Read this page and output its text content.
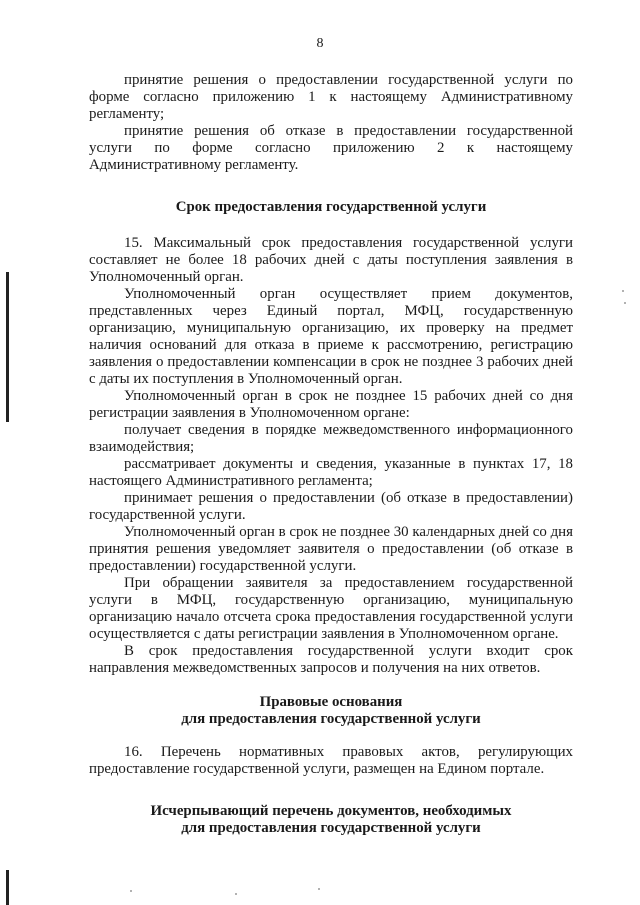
8

принятие решения о предоставлении государственной услуги по форме согласно приложению 1 к настоящему Административному регламенту;

принятие решения об отказе в предоставлении государственной услуги по форме согласно приложению 2 к настоящему Административному регламенту.

Срок предоставления государственной услуги

15. Максимальный срок предоставления государственной услуги составляет не более 18 рабочих дней с даты поступления заявления в Уполномоченный орган.

Уполномоченный орган осуществляет прием документов, представленных через Единый портал, МФЦ, государственную организацию, муниципальную организацию, их проверку на предмет наличия оснований для отказа в приеме к рассмотрению, регистрацию заявления о предоставлении компенсации в срок не позднее 3 рабочих дней с даты их поступления в Уполномоченный орган.

Уполномоченный орган в срок не позднее 15 рабочих дней со дня регистрации заявления в Уполномоченном органе:

получает сведения в порядке межведомственного информационного взаимодействия;

рассматривает документы и сведения, указанные в пунктах 17, 18 настоящего Административного регламента;

принимает решения о предоставлении (об отказе в предоставлении) государственной услуги.

Уполномоченный орган в срок не позднее 30 календарных дней со дня принятия решения уведомляет заявителя о предоставлении (об отказе в предоставлении) государственной услуги.

При обращении заявителя за предоставлением государственной услуги в МФЦ, государственную организацию, муниципальную организацию начало отсчета срока предоставления государственной услуги осуществляется с даты регистрации заявления в Уполномоченном органе.

В срок предоставления государственной услуги входит срок направления межведомственных запросов и получения на них ответов.

Правовые основания

для предоставления государственной услуги

16. Перечень нормативных правовых актов, регулирующих предоставление государственной услуги, размещен на Едином портале.

Исчерпывающий перечень документов, необходимых

для предоставления государственной услуги
